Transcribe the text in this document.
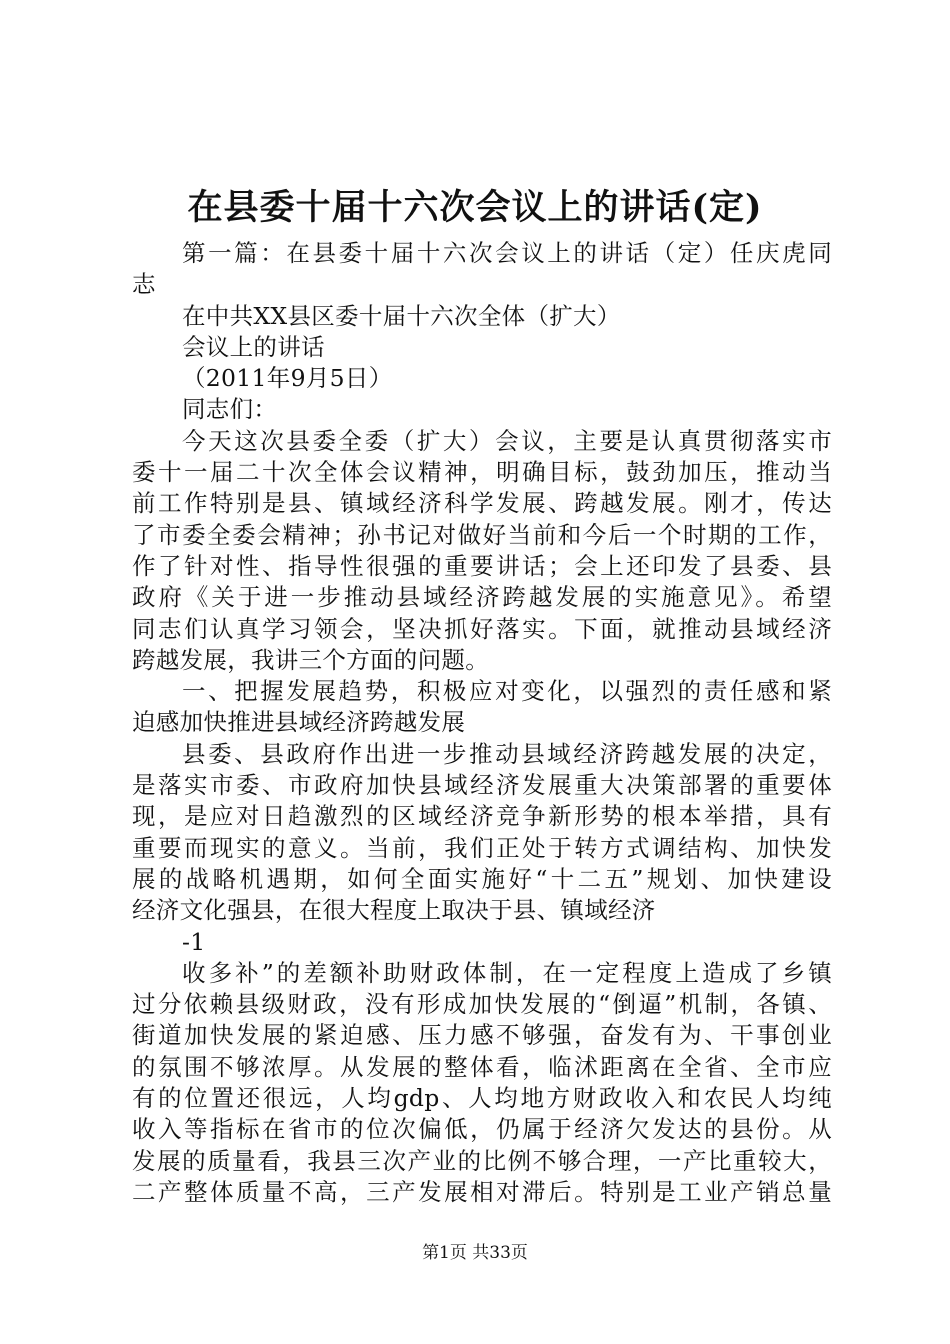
在县委十届十六次会议上的讲话(定)
第一篇：在县委十届十六次会议上的讲话（定）任庆虎同
志
在中共XX县区委十届十六次全体（扩大）
会议上的讲话
（2011年9月5日）
同志们：
今天这次县委全委（扩大）会议，主要是认真贯彻落实市
委十一届二十次全体会议精神，明确目标，鼓劲加压，推动当
前工作特别是县、镇域经济科学发展、跨越发展。刚才，传达
了市委全委会精神；孙书记对做好当前和今后一个时期的工作，
作了针对性、指导性很强的重要讲话；会上还印发了县委、县
政府《关于进一步推动县域经济跨越发展的实施意见》。希望
同志们认真学习领会，坚决抓好落实。下面，就推动县域经济
跨越发展，我讲三个方面的问题。
一、把握发展趋势，积极应对变化，以强烈的责任感和紧
迫感加快推进县域经济跨越发展
县委、县政府作出进一步推动县域经济跨越发展的决定，
是落实市委、市政府加快县域经济发展重大决策部署的重要体
现，是应对日趋激烈的区域经济竞争新形势的根本举措，具有
重要而现实的意义。当前，我们正处于转方式调结构、加快发
展的战略机遇期，如何全面实施好“十二五”规划、加快建设
经济文化强县，在很大程度上取决于县、镇域经济
-1
收多补”的差额补助财政体制，在一定程度上造成了乡镇
过分依赖县级财政，没有形成加快发展的“倒逼”机制，各镇、
街道加快发展的紧迫感、压力感不够强，奋发有为、干事创业
的氛围不够浓厚。从发展的整体看，临沭距离在全省、全市应
有的位置还很远，人均gdp、人均地方财政收入和农民人均纯
收入等指标在省市的位次偏低，仍属于经济欠发达的县份。从
发展的质量看，我县三次产业的比例不够合理，一产比重较大，
二产整体质量不高，三产发展相对滞后。特别是工业产销总量
第1页 共33页
